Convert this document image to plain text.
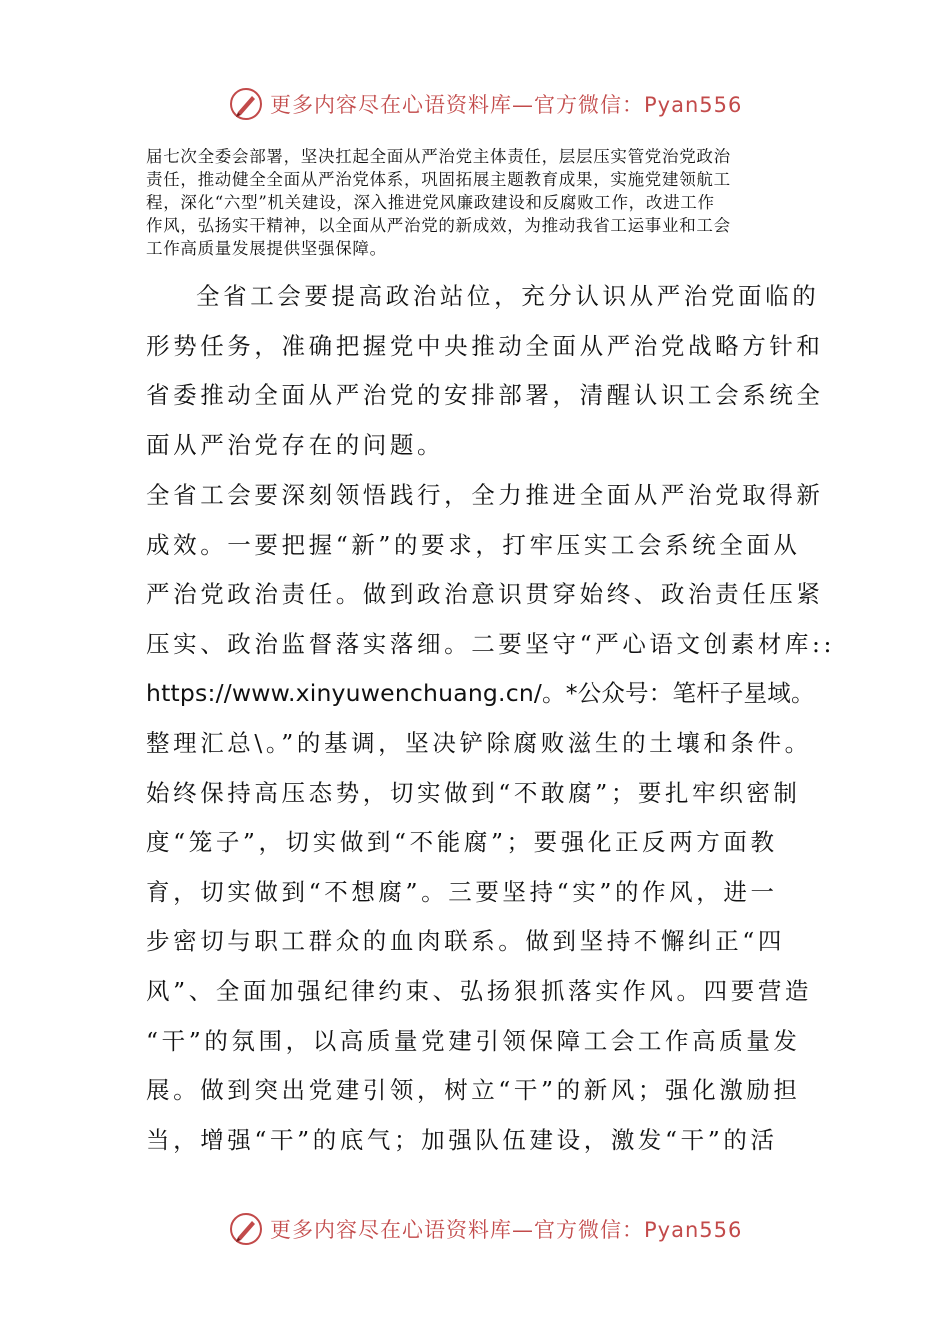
更多内容尽在心语资料库—官方微信：Pyan556

届七次全委会部署，坚决扛起全面从严治党主体责任，层层压实管党治党政治

责任，推动健全全面从严治党体系，巩固拓展主题教育成果，实施党建领航工

程，深化“六型”机关建设，深入推进党风廉政建设和反腐败工作，改进工作

作风，弘扬实干精神，以全面从严治党的新成效，为推动我省工运事业和工会

工作高质量发展提供坚强保障。

全省工会要提高政治站位，充分认识从严治党面临的

形势任务，准确把握党中央推动全面从严治党战略方针和

省委推动全面从严治党的安排部署，清醒认识工会系统全

面从严治党存在的问题。

全省工会要深刻领悟践行，全力推进全面从严治党取得新

成效。一要把握“新”的要求，打牢压实工会系统全面从

严治党政治责任。做到政治意识贯穿始终、政治责任压紧

压实、政治监督落实落细。二要坚守“严心语文创素材库::

https://www.xinyuwenchuang.cn/。*公众号：笔杆子星域。

整理汇总\。”的基调，坚决铲除腐败滋生的土壤和条件。

始终保持高压态势，切实做到“不敢腐”；要扎牢织密制

度“笼子”，切实做到“不能腐”；要强化正反两方面教

育，切实做到“不想腐”。三要坚持“实”的作风，进一

步密切与职工群众的血肉联系。做到坚持不懈纠正“四

风”、全面加强纪律约束、弘扬狠抓落实作风。四要营造

“干”的氛围，以高质量党建引领保障工会工作高质量发

展。做到突出党建引领，树立“干”的新风；强化激励担

当，增强“干”的底气；加强队伍建设，激发“干”的活

更多内容尽在心语资料库—官方微信：Pyan556
